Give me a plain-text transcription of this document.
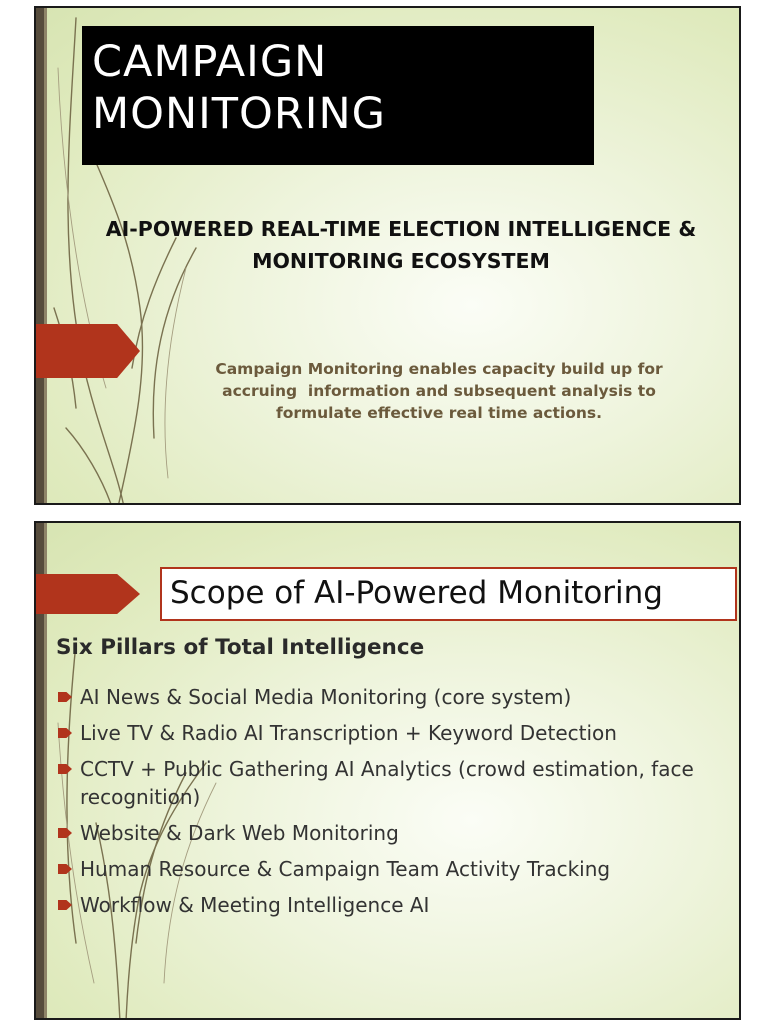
CAMPAIGN
MONITORING
AI-POWERED REAL-TIME ELECTION INTELLIGENCE &
MONITORING ECOSYSTEM
Campaign Monitoring enables capacity build up for
accruing  information and subsequent analysis to
formulate effective real time actions.
Scope of AI-Powered Monitoring
Six Pillars of Total Intelligence
AI News & Social Media Monitoring (core system)
Live TV & Radio AI Transcription + Keyword Detection
CCTV + Public Gathering AI Analytics (crowd estimation, face recognition)
Website & Dark Web Monitoring
Human Resource & Campaign Team Activity Tracking
Workflow & Meeting Intelligence AI
